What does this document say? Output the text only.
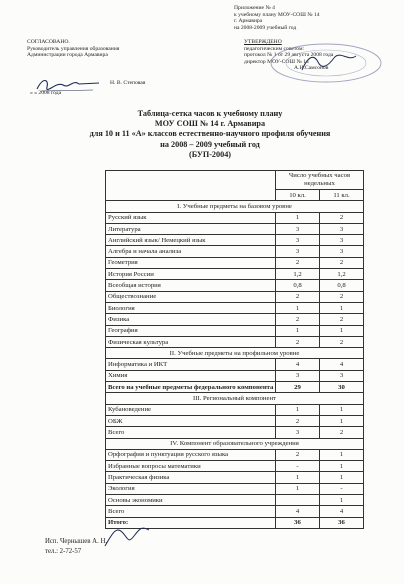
Приложение № 4
к учебному плану МОУ-СОШ № 14
г. Армавира
на 2008-2009 учебный год
СОГЛАСОВАНО.
Руководитель управления образования
Администрации города Армавира
Н. В. Степовая
« » 2008 года
УТВЕРЖДЕНО
педагогическим советом:
протокол № 1 от 29 августа 2008 года
директор МОУ-СОШ № 14
А.Н.Самсонов
Таблица-сетка часов к учебному плану
МОУ СОШ № 14 г. Армавира
для 10 и 11 «А» классов естественно-научного профиля обучения
на 2008 – 2009 учебный год
(БУП-2004)
	Число учебных часов недельных	
	10 кл.	11 кл.
I. Учебные предметы на базовом уровне		
Русский язык	1	2
Литература	3	3
Английский язык/ Немецкий язык	3	3
Алгебра и начала анализа	3	3
Геометрия	2	2
История России	1,2	1,2
Всеобщая история	0,8	0,8
Обществознание	2	2
Биология	1	1
Физика	2	2
География	1	1
Физическая культура	2	2
II. Учебные предметы на профильном уровне		
Информатика и ИКТ	4	4
Химия	3	3
Всего на учебные предметы федерального компонента	29	30
III. Региональный компонент		
Кубановедение	1	1
ОБЖ	2	1
Всего	3	2
IV. Компонент образовательного учреждения		
Орфография и пунктуация русского языка	2	1
Избранные вопросы математики	-	1
Практическая физика	1	1
Экология	1	-
Основы экономики		1
Всего	4	4
Итого:	36	36
Исп. Чернышев А. Н.
тел.: 2-72-57
